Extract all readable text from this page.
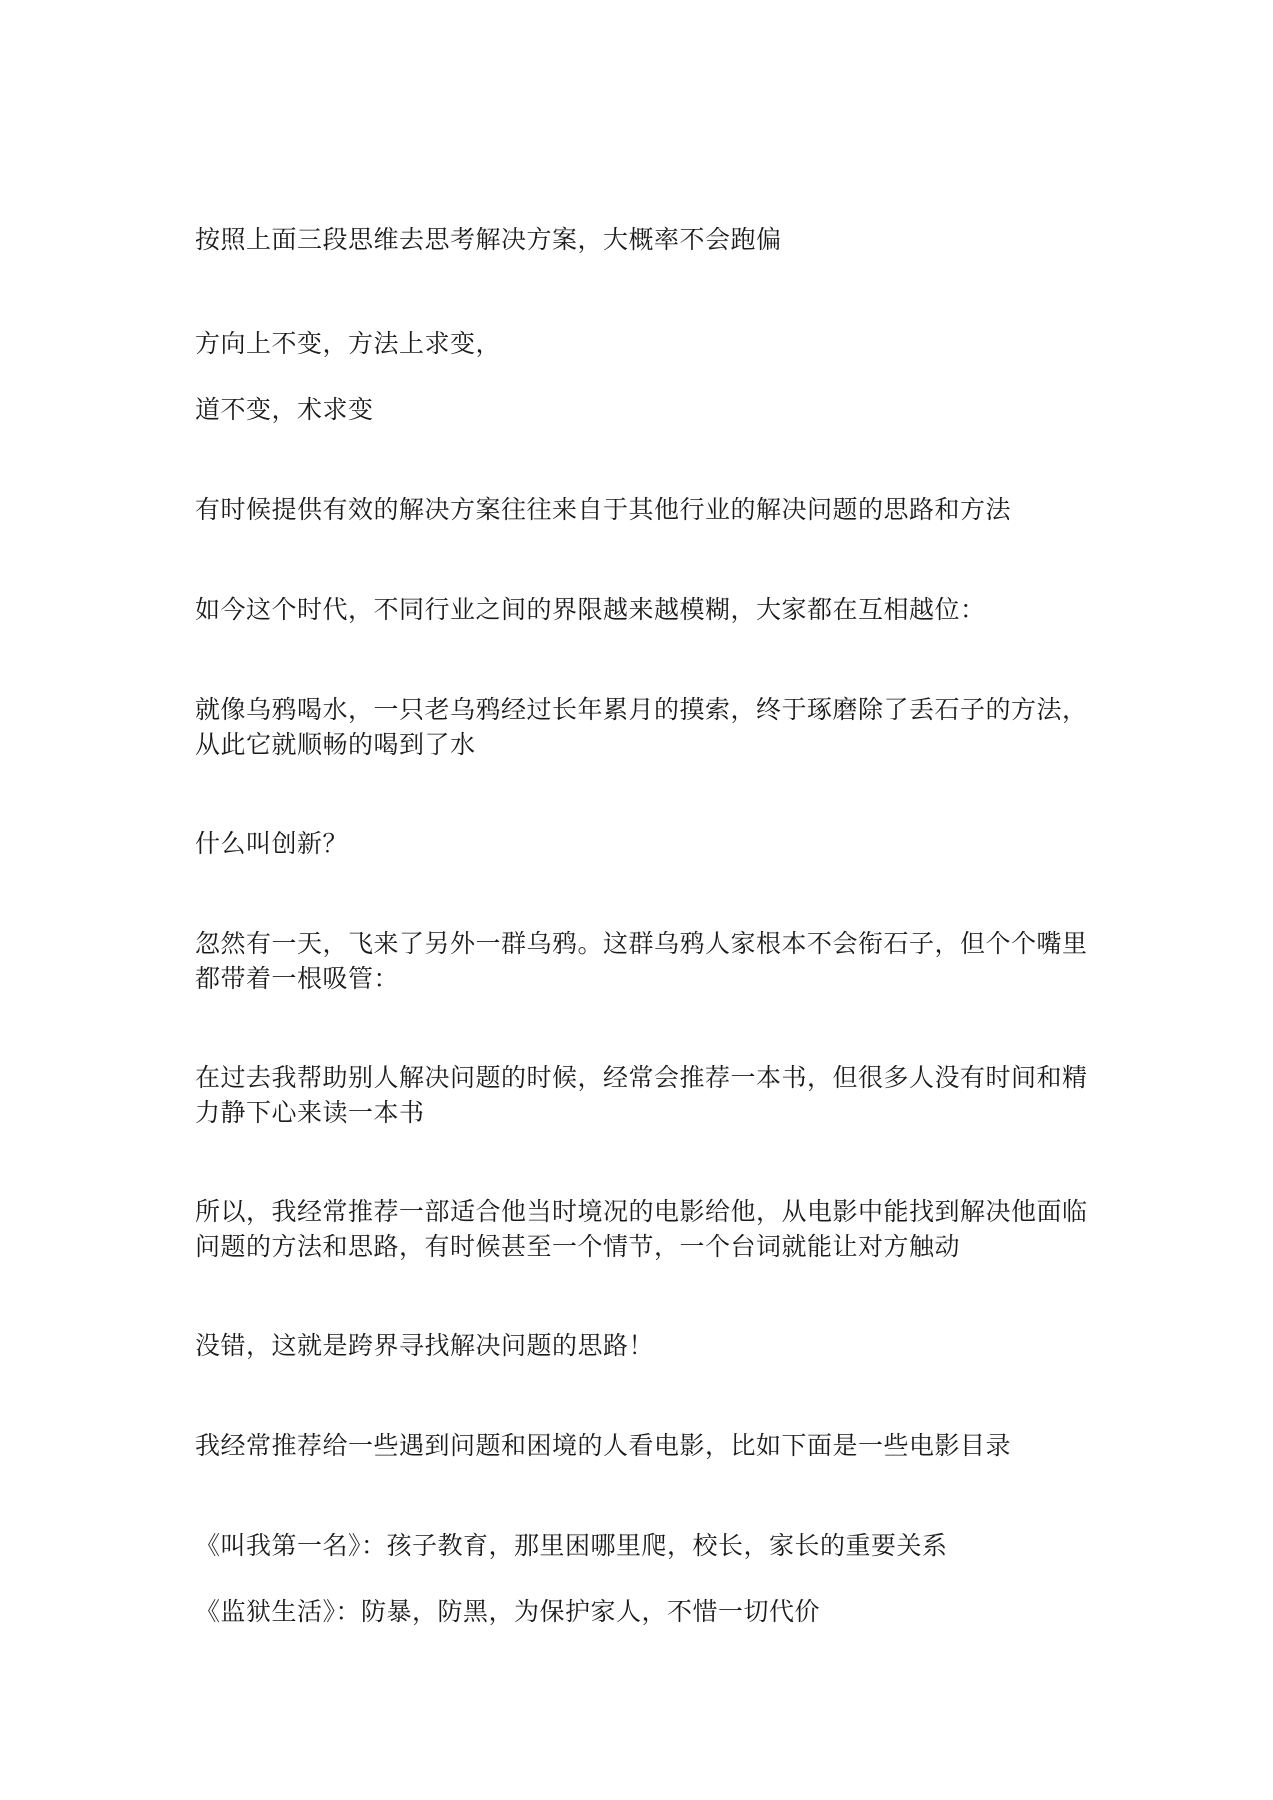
按照上面三段思维去思考解决方案，大概率不会跑偏

方向上不变，方法上求变，

道不变，术求变

有时候提供有效的解决方案往往来自于其他行业的解决问题的思路和方法

如今这个时代，不同行业之间的界限越来越模糊，大家都在互相越位：

就像乌鸦喝水，一只老乌鸦经过长年累月的摸索，终于琢磨除了丢石子的方法，
从此它就顺畅的喝到了水

什么叫创新？

忽然有一天，飞来了另外一群乌鸦。这群乌鸦人家根本不会衔石子，但个个嘴里
都带着一根吸管：

在过去我帮助别人解决问题的时候，经常会推荐一本书，但很多人没有时间和精
力静下心来读一本书

所以，我经常推荐一部适合他当时境况的电影给他，从电影中能找到解决他面临
问题的方法和思路，有时候甚至一个情节，一个台词就能让对方触动

没错，这就是跨界寻找解决问题的思路！

我经常推荐给一些遇到问题和困境的人看电影，比如下面是一些电影目录

《叫我第一名》：孩子教育，那里困哪里爬，校长，家长的重要关系

《监狱生活》：防暴，防黑，为保护家人，不惜一切代价
